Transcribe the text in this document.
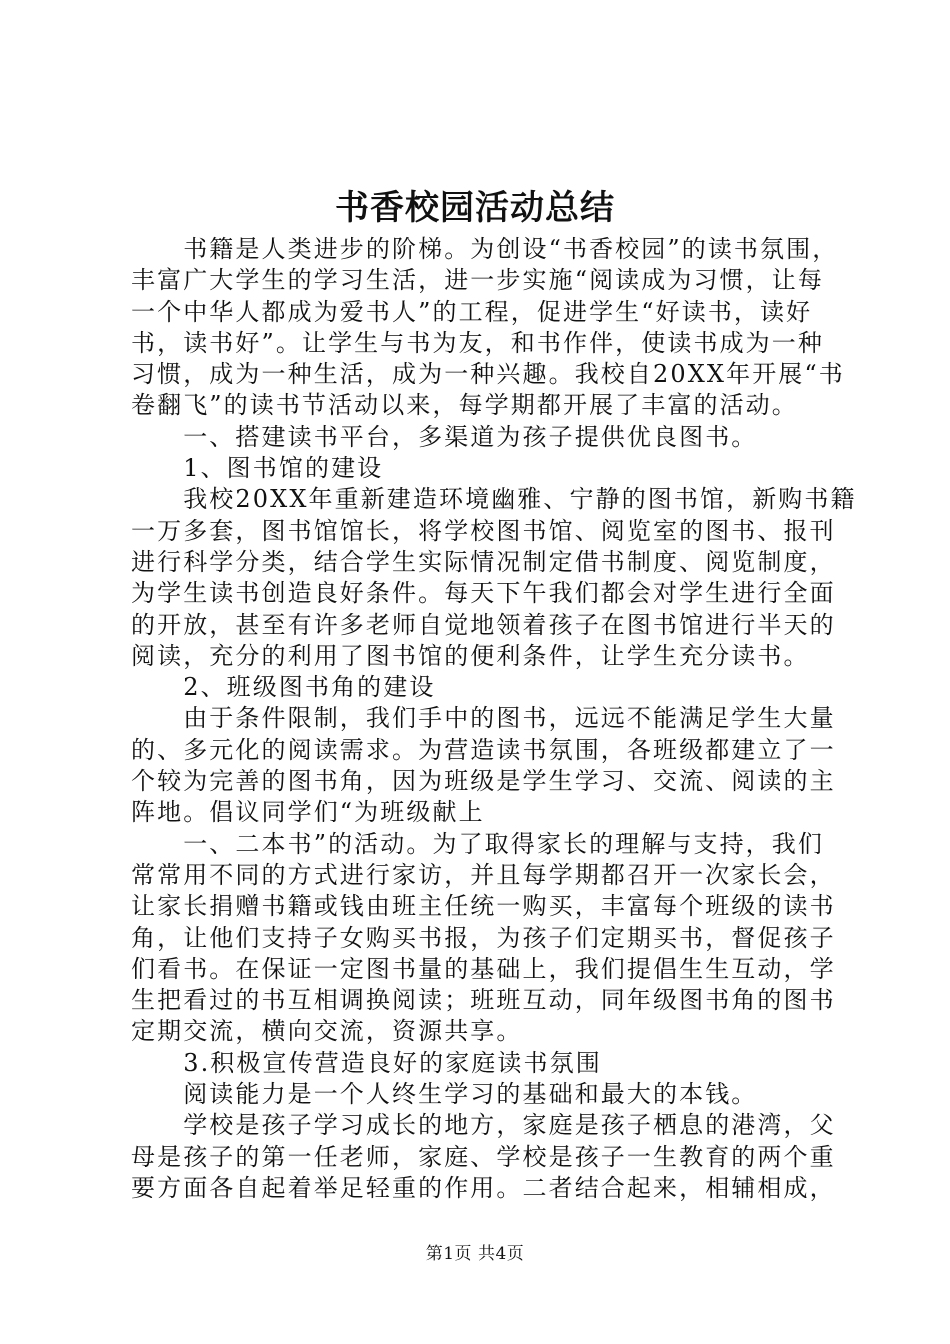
书香校园活动总结
　　书籍是人类进步的阶梯。为创设“书香校园”的读书氛围，
丰富广大学生的学习生活，进一步实施“阅读成为习惯，让每
一个中华人都成为爱书人”的工程，促进学生“好读书，读好
书，读书好”。让学生与书为友，和书作伴，使读书成为一种
习惯，成为一种生活，成为一种兴趣。我校自20XX年开展“书
卷翻飞”的读书节活动以来，每学期都开展了丰富的活动。
　　一、搭建读书平台，多渠道为孩子提供优良图书。
　　1、图书馆的建设
　　我校20XX年重新建造环境幽雅、宁静的图书馆，新购书籍
一万多套，图书馆馆长，将学校图书馆、阅览室的图书、报刊
进行科学分类，结合学生实际情况制定借书制度、阅览制度，
为学生读书创造良好条件。每天下午我们都会对学生进行全面
的开放，甚至有许多老师自觉地领着孩子在图书馆进行半天的
阅读，充分的利用了图书馆的便利条件，让学生充分读书。
　　2、班级图书角的建设
　　由于条件限制，我们手中的图书，远远不能满足学生大量
的、多元化的阅读需求。为营造读书氛围，各班级都建立了一
个较为完善的图书角，因为班级是学生学习、交流、阅读的主
阵地。倡议同学们“为班级献上
　　一、二本书”的活动。为了取得家长的理解与支持，我们
常常用不同的方式进行家访，并且每学期都召开一次家长会，
让家长捐赠书籍或钱由班主任统一购买，丰富每个班级的读书
角，让他们支持子女购买书报，为孩子们定期买书，督促孩子
们看书。在保证一定图书量的基础上，我们提倡生生互动，学
生把看过的书互相调换阅读；班班互动，同年级图书角的图书
定期交流，横向交流，资源共享。
　　3.积极宣传营造良好的家庭读书氛围
　　阅读能力是一个人终生学习的基础和最大的本钱。
　　学校是孩子学习成长的地方，家庭是孩子栖息的港湾，父
母是孩子的第一任老师，家庭、学校是孩子一生教育的两个重
要方面各自起着举足轻重的作用。二者结合起来，相辅相成，
第1页 共4页
